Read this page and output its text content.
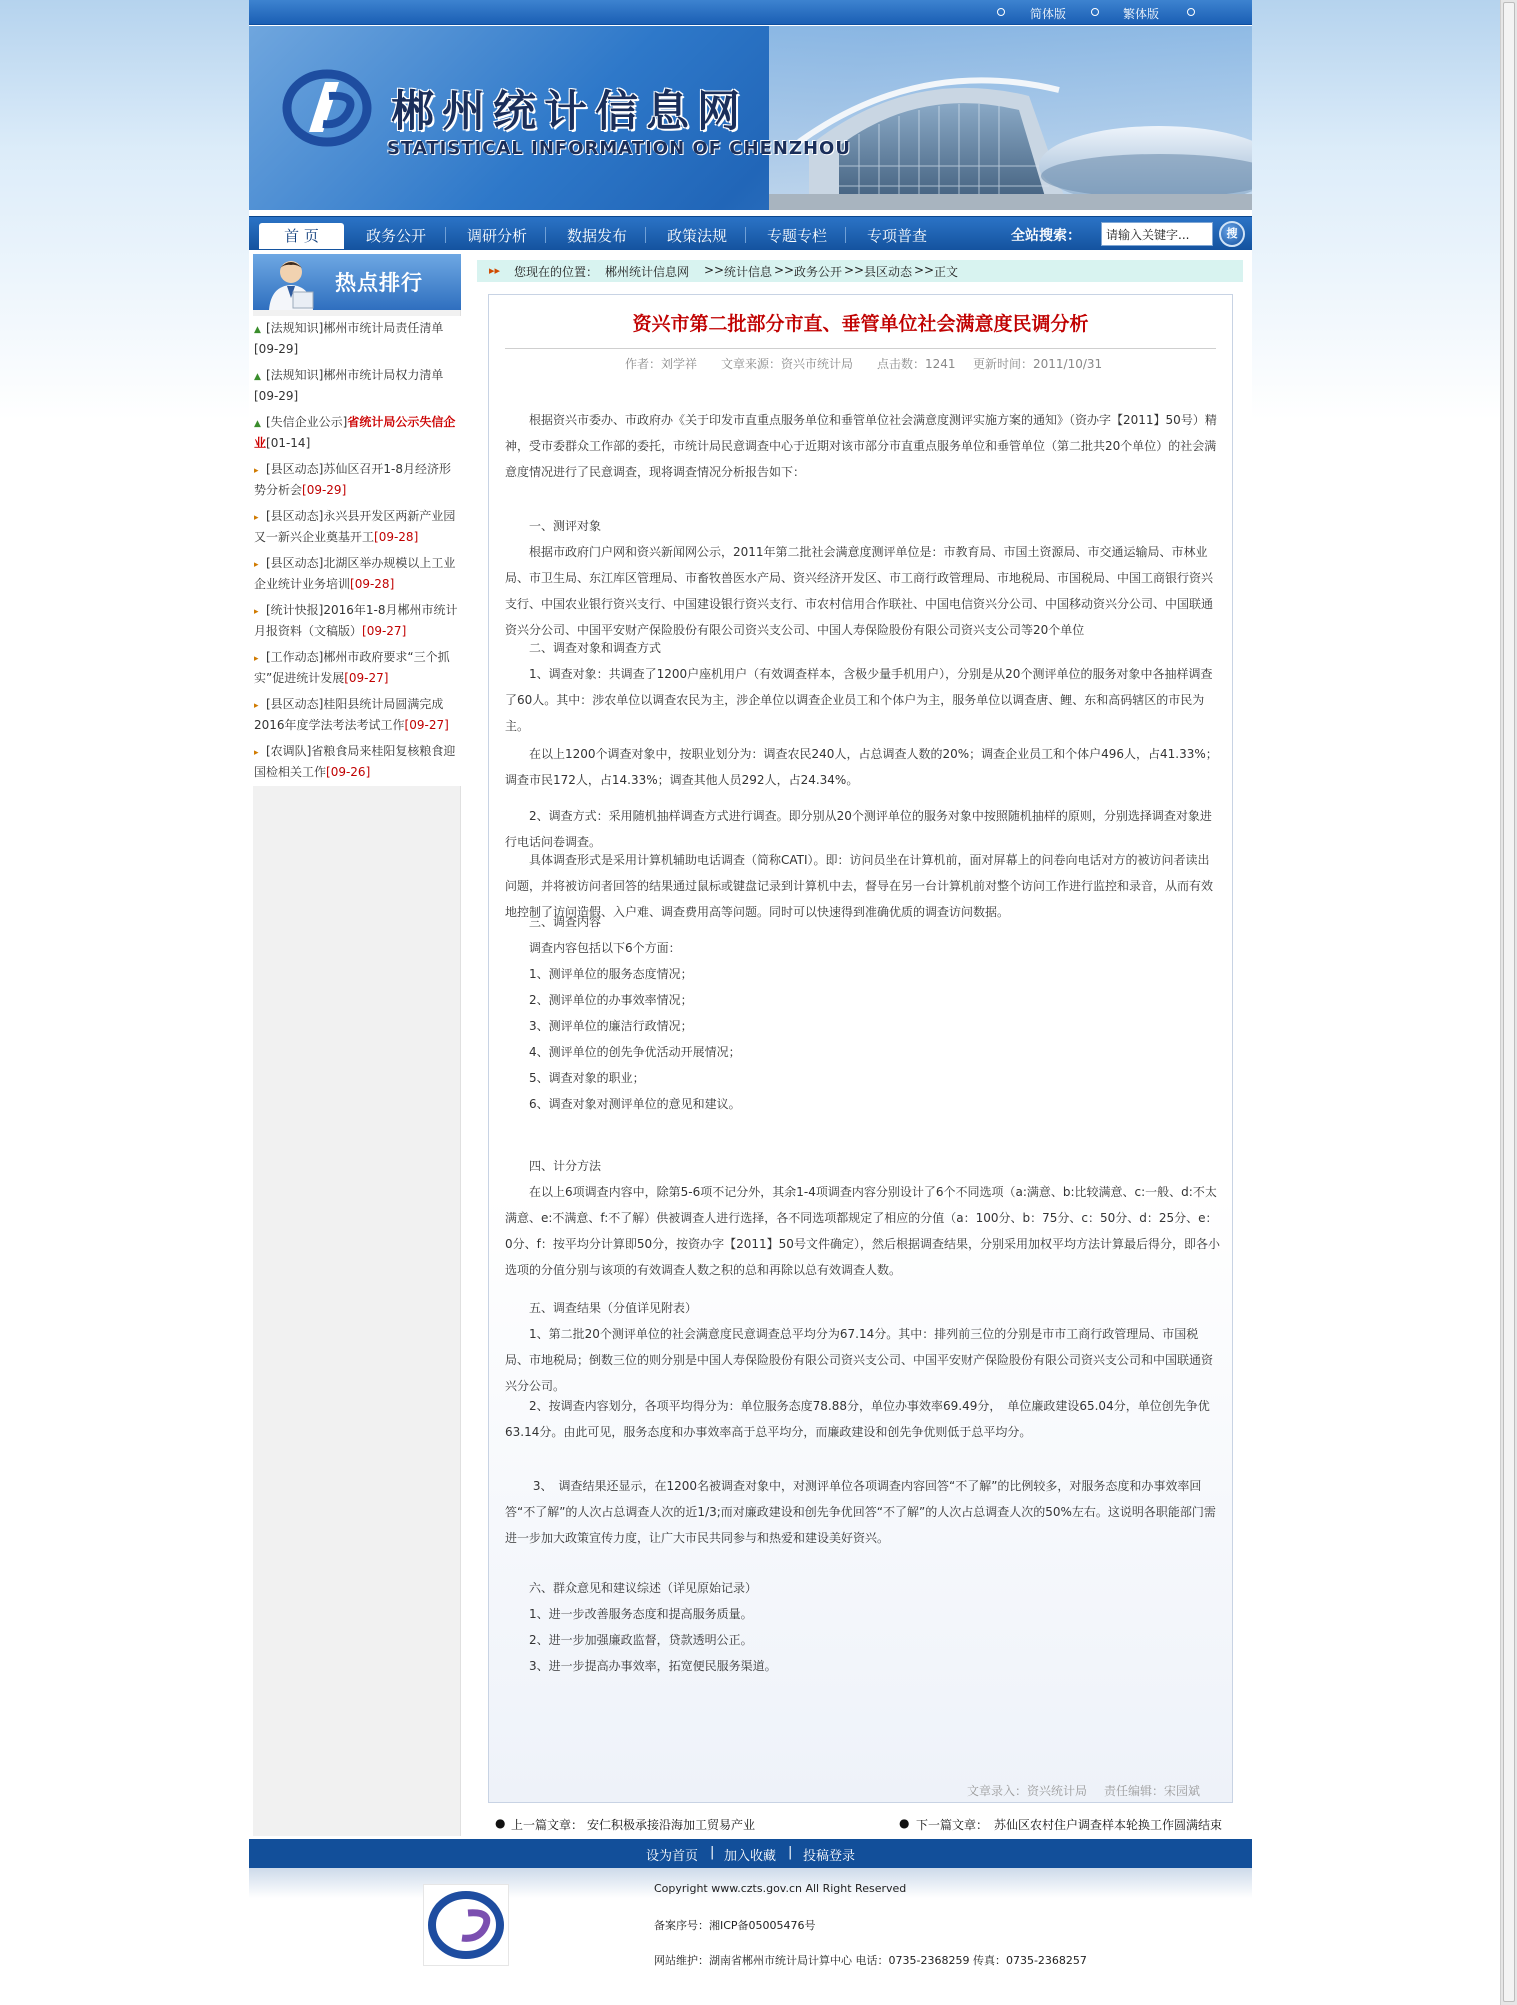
简体版	繁体版
郴州统计信息网
STATISTICAL INFORMATION OF CHENZHOU
首 页	政务公开	调研分析	数据发布	政策法规	专题专栏	专项普查	全站搜索：
请输入关键字...	搜
热点排行
▲ [法规知识]郴州市统计局责任清单[09-29]
▲ [法规知识]郴州市统计局权力清单[09-29]
▲ [失信企业公示]省统计局公示失信企业[01-14]
▸ [县区动态]苏仙区召开1-8月经济形势分析会[09-29]
▸ [县区动态]永兴县开发区两新产业园又一新兴企业奠基开工[09-28]
▸ [县区动态]北湖区举办规模以上工业企业统计业务培训[09-28]
▸ [统计快报]2016年1-8月郴州市统计月报资料（文稿版）[09-27]
▸ [工作动态]郴州市政府要求“三个抓实”促进统计发展[09-27]
▸ [县区动态]桂阳县统计局圆满完成2016年度学法考法考试工作[09-27]
▸ [农调队]省粮食局来桂阳复核粮食迎国检相关工作[09-26]
▸▸ 您现在的位置： 郴州统计信息网 >> 统计信息 >> 政务公开 >> 县区动态 >> 正文
资兴市第二批部分市直、垂管单位社会满意度民调分析
作者：刘学祥 文章来源：资兴市统计局 点击数：1241 更新时间：2011/10/31
　　根据资兴市委办、市政府办《关于印发市直重点服务单位和垂管单位社会满意度测评实施方案的通知》（资办字【2011】50号）精神，受市委群众工作部的委托，市统计局民意调查中心于近期对该市部分市直重点服务单位和垂管单位（第二批共20个单位）的社会满意度情况进行了民意调查，现将调查情况分析报告如下：
　　一、测评对象
　　根据市政府门户网和资兴新闻网公示，2011年第二批社会满意度测评单位是：市教育局、市国土资源局、市交通运输局、市林业局、市卫生局、东江库区管理局、市畜牧兽医水产局、资兴经济开发区、市工商行政管理局、市地税局、市国税局、中国工商银行资兴支行、中国农业银行资兴支行、中国建设银行资兴支行、市农村信用合作联社、中国电信资兴分公司、中国移动资兴分公司、中国联通资兴分公司、中国平安财产保险股份有限公司资兴支公司、中国人寿保险股份有限公司资兴支公司等20个单位
　　二、调查对象和调查方式
　　1、调查对象：共调查了1200户座机用户（有效调查样本，含极少量手机用户），分别是从20个测评单位的服务对象中各抽样调查了60人。其中：涉农单位以调查农民为主，涉企单位以调查企业员工和个体户为主，服务单位以调查唐、鲤、东和高码辖区的市民为主。
　　在以上1200个调查对象中，按职业划分为：调查农民240人，占总调查人数的20%；调查企业员工和个体户496人，占41.33%；调查市民172人，占14.33%；调查其他人员292人，占24.34%。
　　2、调查方式：采用随机抽样调查方式进行调查。即分别从20个测评单位的服务对象中按照随机抽样的原则，分别选择调查对象进行电话问卷调查。
　　具体调查形式是采用计算机辅助电话调查（简称CATI）。即：访问员坐在计算机前，面对屏幕上的问卷向电话对方的被访问者读出问题，并将被访问者回答的结果通过鼠标或键盘记录到计算机中去，督导在另一台计算机前对整个访问工作进行监控和录音，从而有效地控制了访问造假、入户难、调查费用高等问题。同时可以快速得到准确优质的调查访问数据。
　　三、调查内容
　　调查内容包括以下6个方面：
　　1、测评单位的服务态度情况；
　　2、测评单位的办事效率情况；
　　3、测评单位的廉洁行政情况；
　　4、测评单位的创先争优活动开展情况；
　　5、调查对象的职业；
　　6、调查对象对测评单位的意见和建议。
　　四、计分方法
　　在以上6项调查内容中，除第5-6项不记分外，其余1-4项调查内容分别设计了6个不同选项（a:满意、b:比较满意、c:一般、d:不太满意、e:不满意、f:不了解）供被调查人进行选择，各不同选项都规定了相应的分值（a：100分、b：75分、c：50分、d：25分、e：0分、f：按平均分计算即50分，按资办字【2011】50号文件确定），然后根据调查结果，分别采用加权平均方法计算最后得分，即各小选项的分值分别与该项的有效调查人数之积的总和再除以总有效调查人数。
　　五、调查结果（分值详见附表）
　　1、第二批20个测评单位的社会满意度民意调查总平均分为67.14分。其中：排列前三位的分别是市市工商行政管理局、市国税局、市地税局；倒数三位的则分别是中国人寿保险股份有限公司资兴支公司、中国平安财产保险股份有限公司资兴支公司和中国联通资兴分公司。
　　2、按调查内容划分，各项平均得分为：单位服务态度78.88分，单位办事效率69.49分，　单位廉政建设65.04分，单位创先争优63.14分。由此可见，服务态度和办事效率高于总平均分，而廉政建设和创先争优则低于总平均分。
　　 3、　调查结果还显示，在1200名被调查对象中，对测评单位各项调查内容回答“不了解”的比例较多，对服务态度和办事效率回答“不了解”的人次占总调查人次的近1/3;而对廉政建设和创先争优回答“不了解”的人次占总调查人次的50%左右。这说明各职能部门需进一步加大政策宣传力度，让广大市民共同参与和热爱和建设美好资兴。
　　六、群众意见和建议综述（详见原始记录）
　　1、进一步改善服务态度和提高服务质量。
　　2、进一步加强廉政监督，贷款透明公正。
　　3、进一步提高办事效率，拓宽便民服务渠道。
文章录入：资兴统计局 责任编辑：宋园斌
● 上一篇文章： 安仁积极承接沿海加工贸易产业	● 下一篇文章： 苏仙区农村住户调查样本轮换工作圆满结束
设为首页 | 加入收藏 | 投稿登录
Copyright www.czts.gov.cn All Right Reserved
备案序号：湘ICP备05005476号
网站维护：湖南省郴州市统计局计算中心 电话：0735-2368259 传真：0735-2368257
